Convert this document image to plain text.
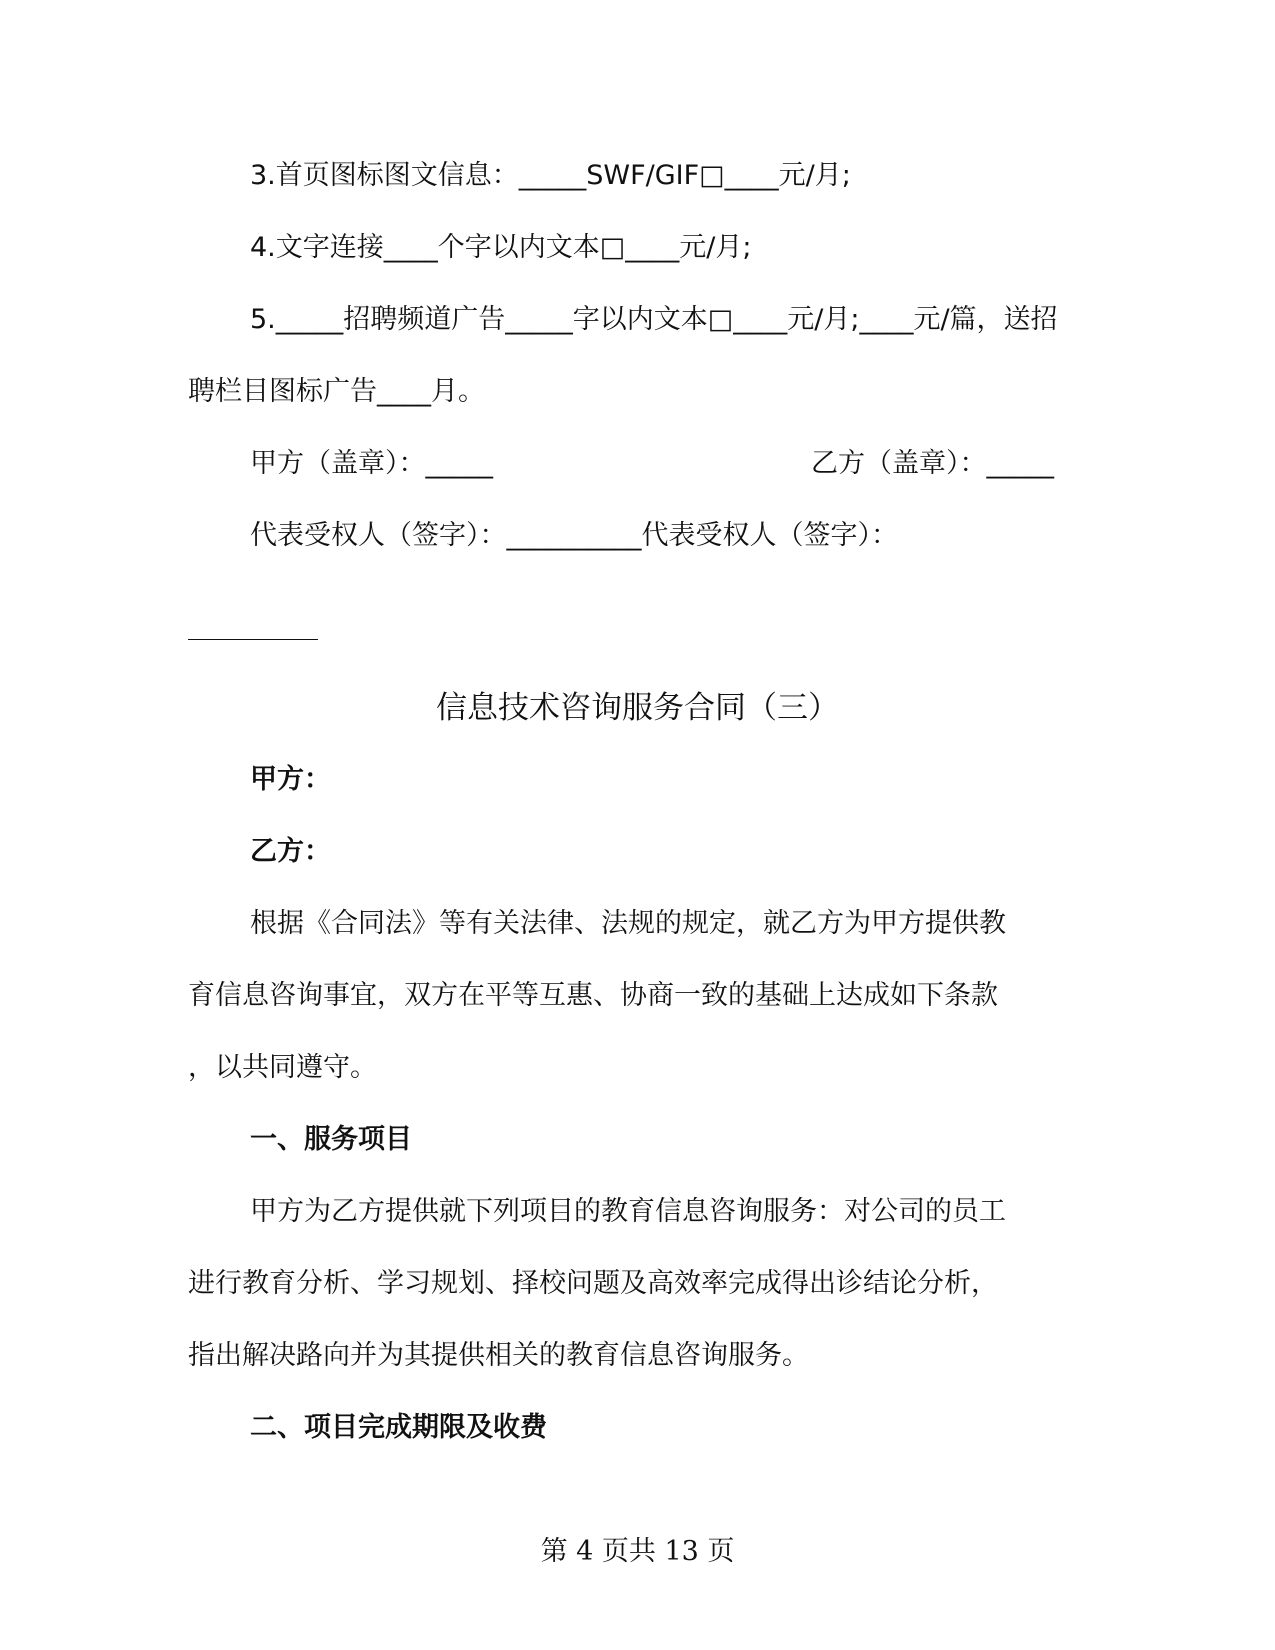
3.首页图标图文信息：_____SWF/GIF□____元/月;
4.文字连接____个字以内文本□____元/月;
5._____招聘频道广告_____字以内文本□____元/月;____元/篇，送招
聘栏目图标广告____月。
甲方（盖章）：_____	乙方（盖章）：_____
代表受权人（签字）：__________代表受权人（签字）：
信息技术咨询服务合同（三）
甲方：
乙方：
根据《合同法》等有关法律、法规的规定，就乙方为甲方提供教
育信息咨询事宜，双方在平等互惠、协商一致的基础上达成如下条款
，以共同遵守。
一、服务项目
甲方为乙方提供就下列项目的教育信息咨询服务：对公司的员工
进行教育分析、学习规划、择校问题及高效率完成得出诊结论分析，
指出解决路向并为其提供相关的教育信息咨询服务。
二、项目完成期限及收费
第 4 页共 13 页
